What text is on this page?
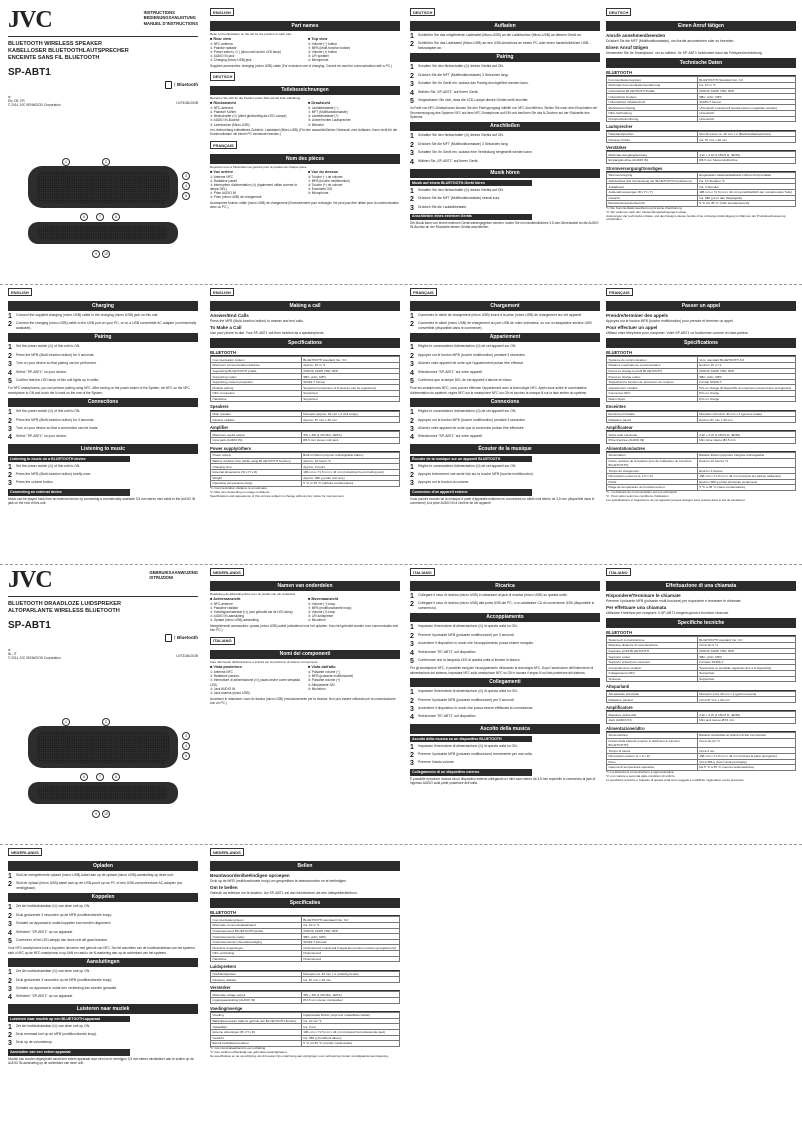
JVC	INSTRUCTIONS
BEDIENUNGSANLEITUNG
MANUEL D'INSTRUCTIONS
BLUETOOTH WIRELESS SPEAKER
KABELLOSER BLUETOOTHLAUTSPRECHER
ENCEINTE SANS FIL BLUETOOTH
SP-ABT1
ᛒ Bluetooth
♻
EN, DE, FR
© 2014 JVC KENWOOD Corporation
LNT3186-002B
1	2
3
4
5
6	7	8
9	10
ENGLISH
Part names
Refer to the illustration on the left for the position of each part.
■ Rear view
① NFC antenna
② Passive radiator
③ Power switch ( ⏻ ) (also used as the LED lamp)
④ AUDIO IN jack
⑤ Charging (micro USB) jack
■ Top view
⑥ Volume (−) button
⑦ MFB (Multi-function button)
⑧ Volume (+) button
⑨ L/R speaker
⑩ Microphone
Supplied accessories: charging (micro USB) cable (For exclusive use of charging. Cannot be used for communication with a PC.)
DEUTSCH
Teilebezeichnungen
Beziehen Sie sich für die Position jedes Teils auf die linke Abbildung.
■ Rückansicht
① NFC-Antenne
② Passiver Kühler
③ Netzschalter (⏻) (dient gleichzeitig als LED-Lampe)
④ AUDIO IN-Buchse
⑤ Ladebuchse (Micro-USB)
■ Draufsicht
⑥ Lautstärketaste (−)
⑦ MFT (Multifunktionstaste)
⑧ Lautstärketaste (+)
⑨ Linker/rechter Lautsprecher
⑩ Mikrofon
Im Lieferumfang enthaltenes Zubehör: Ladekabel (Micro-USB) (Für den ausschließlichen Gebrauch zum Aufladen. Kann nicht für die Kommunikation mit einem PC verwendet werden.)
FRANÇAIS
Nom des pièces
Reportez-vous à l'illustration de gauche pour la position de chaque pièce.
■ Vue arrière
① Antenne NFC
② Radiateur passif
③ Interrupteur d'alimentation (⏻) (également utilisé comme la lampe DEL)
④ Prise AUDIO IN
⑤ Prise (micro USB) de chargement
■ Vue du dessus
⑥ Touche (−) de volume
⑦ MFB (touche multifonction)
⑧ Touche (+) de volume
⑨ Enceintes G/D
⑩ Microphone
Accessoires fournis: câble (micro USB) de chargement (Exclusivement pour recharger. Ne peut pas être utilisé pour la communication avec un PC.)
DEUTSCH
Aufladen
1	Schließen Sie das mitgelieferte Ladekabel (Micro-USB) an die Ladebuchse (Micro-USB) an diesem Gerät an.
2	Schließen Sie das Ladekabel (Micro-USB) an den USB-Anschluss an einem PC oder einen handelsüblichen USB-Netzadapter an.
Pairing
1	Schalten Sie den Netzschalter (⏻) dieses Geräts auf ON.
2	Drücken Sie die MFT (Multifunktionstaste) 3 Sekunden lang.
3	Schalten Sie Ihr Gerät ein, sodass das Pairing durchgeführt werden kann.
4	Wählen Sie „SP-ABT1" auf Ihrem Gerät.
5	Vergewissern Sie sich, dass die LED-Lampe dieses Geräts weiß leuchtet.
Im Falle von NFC-Smartphones können Sie den Pairingvorgang mithilfe von NFC durchführen. Stellen Sie nach dem Einschalten der Stromversorgung des Systems NFC auf dem NFC-Smartphone auf EIN und berühren Sie das N-Zeichen auf der Rückseite des Systems.
Anschließen
1	Schalten Sie den Netzschalter (⏻) dieses Geräts auf ON.
2	Drücken Sie die MFT (Multifunktionstaste) 3 Sekunden lang.
3	Schalten Sie Ihr Gerät ein, sodass eine Verbindung hergestellt werden kann.
4	Wählen Sie „SP-ABT1" auf Ihrem Gerät.
Musik hören
Musik auf einem BLUETOOTH-Gerät hören
1	Schalten Sie den Netzschalter (⏻) dieses Geräts auf ON.
2	Drücken Sie die MFT (Multifunktionstaste) einmal kurz.
3	Drücken Sie die Lautstärketaste.
Anschließen eines externen Geräts
Die Musik kann von einem externen Gerät wiedergegeben werden, indem Sie ein handelsübliches 3,5-mm-Stereokabel an die AUDIO IN-Buchse an der Rückseite dieses Geräts anschließen.
DEUTSCH
Einen Anruf tätigen
Anrufe annehmen/beenden
Drücken Sie die MFT (Multifunktionstaste), um Anrufe anzunehmen oder zu beenden.
Einen Anruf tätigen
Verwenden Sie Ihr Smartphone, um zu wählen. Ihr SP-ABT1 funktioniert dann als Freisprecheinrichtung.
Technische Daten
BLUETOOTH
Kommunikationssystem	BLUETOOTH-Standard Ver. 3.0
Maximale Kommunikationsentfernung	Ca. 10 m *1
Unterstützte BLUETOOTH-Profile	AVRCP, A2DP, HSP, HFP
Unterstützte Codecs	SBC, AAC, MP3
Unterstützter Inhaltsschutz	SCMS-T format
Mehrfaches Pairing	Unterstützt (maximal 8 Geräte können registriert werden)
NFC-Verbindung	Unterstützt
Freisprecheinrichtung	Unterstützt
Lautsprecher
Hauptlautsprecher	Durchmesser ca. 40 mm x 2 (Breitbandlautsprecher)
Passiver Kühler	Ca. 87 mm x 30 mm
Verstärker
Maximale Ausgangsleistung	3 W + 3 W (1 kHz/4 Ω, JEITA)
Eingangsbuchse (AUDIO IN)	Ø3,5 mm Stereominibuchse
Stromversorgung/Sonstiges
Stromversorgung	Eingebauter wiederaufladbarer Lithium-Polymerakku
Akkulaufzeit (bei Verwendung der BLUETOOTH-Funktionen)	Ca. 10 Stunden *2
Aufladezeit	Ca. 3 Stunden
Außenabmessungen (B x H x T)	186 mm x 71,5 mm x 44 mm (einschließlich der vorstehenden Teile)
Gewicht	Ca. 386 g (nur das Hauptgerät)
Betriebstemperaturbereich	5 °C bis 35 °C (nicht kondensierend)
*1: Die Kommunikationsentfernung ist keine Zusicherung.
*2: Sie variiert je nach den Verwendungsbedingungen etwas.
Änderungen der technischen Daten und des Designs dieses Geräts ohne vorherige Ankündigung im Rahmen der Produktverbesserung vorbehalten.
ENGLISH
Charging
1	Connect the supplied charging (micro USB) cable to the charging (micro USB) jack on this unit.
2	Connect the charging (micro USB) cable to the USB port on your PC, or on a USB convertible AC adapter (commercially available).
Pairing
1	Set the power switch (⏻) of this unit to ON.
2	Press the MFB (Multi-function button) for 3 seconds.
3	Turn on your device so that pairing can be performed.
4	Select "SP-ABT1" on your device.
5	Confirm that the LED lamp of this unit lights up in white.
For NFC smartphones, you can perform pairing using NFC. After turning on the power switch of the System, set NFC on the NFC smartphone to ON and touch the N mark on the rear of the System.
Connections
1	Set the power switch (⏻) of this unit to ON.
2	Press the MFB (Multi-function button) for 3 seconds.
3	Turn on your device so that a connection can be made.
4	Select "SP-ABT1" on your device.
Listening to music
Listening to music on a BLUETOOTH device
1	Set the power switch (⏻) of this unit to ON.
2	Press the MFB (Multi-function button) briefly once.
3	Press the volume button.
Connecting an external device
Music can be played back from an external device by connecting a commercially available 3.5 mm stereo mini cable to the AUDIO IN jack on the rear of this unit.
ENGLISH
Making a call
Answer/End Calls
Press the MFB (Multi-function button) to answer and end calls.
To Make a Call
Use your phone to dial. Your SP-ABT1 will then function as a speakerphone.
Specifications
BLUETOOTH
Communication system	BLUETOOTH standard Ver. 3.0
Maximum communication distance	Approx. 10 m *1
Supporting BLUETOOTH profile	AVRCP, A2DP, HSP, HFP
Supporting codec	SBC, AAC, MP3
Supporting content protection	SCMS-T format
Multiple pairing	Supported (maximum of 8 devices can be registered)
NFC connection	Supported
Handsfree	Supported
Speakers
Main speaker	Diameter approx. 40 mm x 2 (full range)
Passive radiator	Approx. 87 mm x 30 mm
Amplifier
Maximum useful output	3W + 3W (1 kHz/4Ω, JEITA)
Input jack (AUDIO IN)	Ø3.5 mm stereo mini jack
Power supply/others
Power supply	Built-in lithium polymer rechargeable battery
Battery duration time (while using BLUETOOTH function)	Approx. 10 hours *2
Charging time	Approx. 3 hours
External dimensions (W x H x D)	186 mm x 71.5 mm x 44 mm (including the protruding part)
Weight	Approx. 386 g (main unit only)
Operating temperature range	5 °C to 35 °C (without condensation)
*1: Communication distance is an estimate.
*2: May vary depending on usage conditions.
Specifications and appearance of this unit are subject to change without prior notice for improvement.
FRANÇAIS
Chargement
1	Connectez le câble de chargement (micro USB) fourni à la prise (micro USB) de chargement sur cet appareil.
2	Connectez le câble (micro USB) de chargement au port USB de votre ordinateur, ou sur un adaptateur secteur USB convertible (disponible dans le commerce).
Appariement
1	Réglez le commutateur d'alimentation (⏻) de cet appareil sur ON.
2	Appuyez sur le bouton MFB (touche multifonction) pendant 3 secondes.
3	Allumez votre appareil de sorte que l'appariement puisse être effectué.
4	Sélectionnez "SP-ABT1" sur votre appareil.
5	Confirmez que la lampe DEL de cet appareil s'allume en blanc.
Pour les smartphones NFC, vous pouvez effectuer l'appariement avec la technologie NFC. Après avoir activé le commutateur d'alimentation du système, réglez NFC sur le smartphone NFC sur ON et touchez la marque N sur la face arrière du système.
Connexions
1	Réglez le commutateur d'alimentation (⏻) de cet appareil sur ON.
2	Appuyez sur le bouton MFB (touche multifonction) pendant 3 secondes.
3	Allumez votre appareil de sorte que la connexion puisse être effectuée.
4	Sélectionnez "SP-ABT1" sur votre appareil.
Écouter de la musique
Écouter de la musique sur un appareil BLUETOOTH
1	Réglez le commutateur d'alimentation (⏻) de cet appareil sur ON.
2	Appuyez brièvement une seule fois sur la touche MFB (touche multifonction).
3	Appuyez sur le bouton du volume.
Connexion d'un appareil externe
Vous pouvez écouter de la musique à partir d'appareils externes en connectant un câble mini stéréo de 3,5 mm (disponible dans le commerce) à la prise AUDIO IN à l'arrière de cet appareil.
FRANÇAIS
Passer un appel
Prendre/terminer des appels
Appuyez sur le bouton MFB (touche multifonction) pour prendre et terminer un appel.
Pour effectuer un appel
Utilisez votre téléphone pour composer. Votre SP-ABT1 va fonctionner comme un haut-parleur.
Spécifications
BLUETOOTH
Système de communication	Vers. standard BLUETOOTH 3.0
Distance maximale de communication	Environ 10 m *1
Prend en charge le profil BLUETOOTH	AVRCP, A2DP, HSP, HFP
Prend en charge codec	SBC, AAC, MP3
Supportant la fonction de protection du contenu	Format SCMS-T
Appariement multiple	Pris en charge (8 dispositifs au maximum peuvent être enregistrés)
Connexion NFC	Pris en charge
Mains libres	Pris en charge
Enceintes
Enceinte principale	Diamètre d'environ 40 mm x 2 (gamme totale)
Radiateur passif	Environ 87 mm x 30 mm
Amplificateur
Sortie utile maximale	3 W + 3 W (1 kHz/4 Ω, JEITA)
Prise d'entrée (AUDIO IN)	Mini prise stéréo Ø3,5 mm
Alimentation/autres
Alimentation	Batterie lithium polymère intégrée rechargeable
Durée restante de la batterie (lors de l'utilisation de fonctions BLUETOOTH)	Environ 10 heures *2
Temps de chargement	Environ 3 heures
Dimensions externes (L x H x P)	186 mm x 71,5 mm x 44 mm (compris les parties saillantes)
Poids	Environ 386 g (unité principale seulement)
Plage de température de fonctionnement	5 °C à 35 °C (sans condensation)
*1 : La distance de communication est une estimation.
*2 : Peut varier selon les conditions d'utilisation.
Les spécifications et l'apparence de cet appareil peuvent changer sans préavis dans le but de l'améliorer.
JVC	GEBRUIKSAANWIJZING
ISTRUZIONI
BLUETOOTH DRAADLOZE LUIDSPREKER
ALTOPARLANTE WIRELESS BLUETOOTH
SP-ABT1
ᛒ Bluetooth
♻
NL, IT
© 2014 JVC KENWOOD Corporation
LNT3186-002B
1	2
3
4
5
6	7	8
9	10
NEDERLANDS
Namen van onderdelen
Raadpleeg de afbeelding links voor de positie van elk onderdeel.
■ Achteraanzicht
① NFC-antenne
② Passieve radiator
③ Voedingsschakelaar (⏻) (ook gebruikt als de LED-lamp)
④ AUDIO IN-aansluiting
⑤ Oplaad (micro USB)-aansluiting
■ Bovenaanzicht
⑥ Volume (−)-knop
⑦ MFB (multifunctionele knop)
⑧ Volume (+)-knop
⑨ L/R-luidspreker
⑩ Microfoon
Meegeleverde accessoires: oplaad (micro USB)-kabel (uitsluitend voor het opladen. Kan niet gebruikt worden voor communicatie met een PC.)
ITALIANO
Nomi dei componenti
Fare riferimento all'illustrazione a sinistra per la posizione di ciascun componente.
■ Vista posteriore
① Antenna NFC
② Radiatore passivo
③ Interruttore di alimentazione (⏻) (usato anche come lampada LED)
④ Jack AUDIO IN
⑤ Jack ricarica (micro USB)
■ Vista dall'alto
⑥ Pulsante volume (−)
⑦ MFB (pulsante multifunzione)
⑧ Pulsante volume (+)
⑨ Altoparlante S/D
⑩ Microfono
Accessori in dotazione: cavo di ricarica (micro USB) (esclusivamente per la ricarica. Non può essere utilizzato per la comunicazione con un PC.)
ITALIANO
Ricarica
1	Collegare il cavo di ricarica (micro USB) in dotazione al jack di ricarica (micro USB) su questa unità.
2	Collegare il cavo di ricarica (micro USB) alla porta USB del PC, o un adattatore CA di conversione USB (disponibile in commercio).
Accoppiamento
1	Impostare l'interruttore di alimentazione (⏻) di questa unità su ON.
2	Premere il pulsante MFB (pulsante multifunzione) per 3 secondi.
3	Accendere il dispositivo in modo che l'accoppiamento possa essere eseguito.
4	Selezionare "SP-ABT1" sul dispositivo.
5	Confermare che la lampada LED di questa unità si illumini in bianco.
Per gli smartphone NFC, è possibile eseguire l'accoppiamento utilizzando la tecnologia NFC. Dopo l'accensione dell'interruttore di alimentazione del sistema, impostare NFC sullo smartphone NFC su ON e toccare il segno N sul lato posteriore del sistema.
Collegamenti
1	Impostare l'interruttore di alimentazione (⏻) di questa unità su ON.
2	Premere il pulsante MFB (pulsante multifunzione) per 3 secondi.
3	Accendere il dispositivo in modo che possa essere effettuata la connessione.
4	Selezionare "SP-ABT1" sul dispositivo.
Ascolto della musica
Ascolto della musica su un dispositivo BLUETOOTH
1	Impostare l'interruttore di alimentazione (⏻) di questa unità su ON.
2	Premere il pulsante MFB (pulsante multifunzione) brevemente per una volta.
3	Premere il tasto volume.
Collegamento di un dispositivo esterno
È possibile riprodurre musica da un dispositivo esterno collegando un mini cavo stereo da 3,5 mm reperibile in commercio al jack di ingresso AUDIO sulla parte posteriore dell'unità.
ITALIANO
Effettuazione di una chiamata
Rispondere/Terminare le chiamate
Premere il pulsante MFB (pulsante multi-funzione) per rispondere e terminare le chiamate.
Per effettuare una chiamata
Utilizzare il telefono per comporre. Il SP-ABT1 fungerà quindi a funzione vivavoce.
Specifiche tecniche
BLUETOOTH
Sistema di comunicazione	BLUETOOTH standard Ver. 3.0
Massima distanza di comunicazione	Circa 10 m *1
Supporto profili BLUETOOTH	AVRCP, A2DP, HSP, HFP
Supporto codec	SBC, AAC, MP3
Supporto protezione contenuti	Formato SCMS-T
Accoppiamento multiplo	Supportato (è possibile registrare fino a 8 dispositivi)
Collegamento NFC	Supportato
Vivavoce	Supportato
Altoparlanti
Altoparlante principale	Diametro circa 40 mm x 2 (gamma piena)
Radiatore passivo	Circa 87 mm x 30 mm
Amplificatore
Massima uscita utile	3 W + 3 W (1 kHz/4 Ω, JEITA)
Jack (AUDIO IN)	Mini jack stereo Ø3,5 mm
Alimentazione/altro
Alimentazione	Batteria ricaricabile ai polimeri di litio incorporata
Durata della batteria (mentre si utilizzano le funzioni BLUETOOTH)	Circa 10 ore *2
Tempo di carica	Circa 3 ore
Dimensioni esterne (L x A x P)	186 mm x 71,5 mm x 44 mm (inclusa la parte sporgente)
Peso	Circa 386 g (solo l'unità principale)
Gamma di temperatura operativa	Da 5 °C a 35 °C (senza condensazione)
*1: La distanza di comunicazione è approssimativa.
*2: può variare a seconda delle condizioni di utilizzo.
Le specifiche tecniche e l'aspetto di questa unità sono soggetti a modifiche migliorative senza preavviso.
NEDERLANDS
Opladen
1	Sluit de meegeleverde oplaad (micro USB)-kabel aan op de oplaad (micro USB)-aansluiting op deze unit.
2	Sluit de oplaad (micro USB)-kabel aan op de USB-poort op uw PC of een USB-converteerbare AC-adapter (los verkrijgbaar).
Koppelen
1	Zet de hoofdschakelaar (⏻) van deze unit op ON.
2	Druk gedurende 3 seconden op de MFB (multifunctionele knop).
3	Schakel uw apparaat in zodat koppelen kan worden uitgevoerd.
4	Selecteer "SP-ABT1" op uw apparaat.
5	Controleer of het LED-lampje van deze unit wit gaat branden.
Voor NFC-smartphones kunt u koppelen uitvoeren met gebruik van NFC. Na het aanzetten van de hoofdschakelaar van het systeem, stelt u NFC op de NFC-smartphone in op AAN en raakt u de N-markering aan op de achterkant van het systeem.
Aansluitingen
1	Zet de hoofdschakelaar (⏻) van deze unit op ON.
2	Druk gedurende 3 seconden op de MFB (multifunctionele knop).
3	Schakel uw apparaat in zodat een verbinding kan worden gemaakt.
4	Selecteer "SP-ABT1" op uw apparaat.
Luisteren naar muziek
Luisteren naar muziek op een BLUETOOTH-apparaat
1	Zet de hoofdschakelaar (⏻) van deze unit op ON.
2	Druk eenmaal kort op de MFB (multifunctionele knop).
3	Druk op de volumeknop.
Aansluiten van een extern apparaat
Muziek kan worden afgespeeld vanaf een extern apparaat door een los te verkrijgen 3,5 mm stereo ministekker aan te sluiten op de AUDIO IN-aansluiting op de achterkant van deze unit.
NEDERLANDS
Bellen
Beantwoorden/beëindigen oproepen
Druk op de MFB (multifunctionele knop) om gesprekken te beantwoorden en te beëindigen.
Om te bellen
Gebruik uw telefoon om te draaien. Uw SP-ABT1 zal dan functioneren als een luidsprekertelefoon.
Specificaties
BLUETOOTH
Communicatiesysteem	BLUETOOTH-standaard Ver. 3.0
Maximale communicatieafstand	Ca. 10 m *1
Ondersteunend BLUETOOTH-profiel	AVRCP, A2DP, HSP, HFP
Ondersteunende codec	SBC, AAC, MP3
Ondersteunende inhoudsbeveiliging	SCMS-T-formaat
Meerdere koppelingen	Ondersteund (maximaal 8 apparaten kunnen worden geregistreerd)
NFC-verbinding	Ondersteund
Handsfree	Ondersteund
Luidsprekers
Hoofdluidspreker	Diameter ca. 40 mm x 2 (volledig bereik)
Passieve radiator	Ca. 87 mm x 30 mm
Versterker
Maximale nuttige output	3W + 3W (1 kHz/4Ω, JEITA)
Ingangsaansluiting (AUDIO IN)	Ø 3,5 mm stereo ministekker
Voeding/overige
Voeding	Ingebouwde lithium polymeer oplaadbare batterij
Batterijlevensduur (tijdens gebruik van BLUETOOTH-functie)	Ca. 10 uur *2
Oplaadtijd	Ca. 3 uur
Externe afmetingen (B x H x D)	186 mm x 71,5 mm x 44 mm (inclusief het uitstekende deel)
Gewicht	Ca. 386 g (hoofdunit alleen)
Bereik bedrijfstemperatuur	5 °C tot 35 °C (zonder condensatie)
*1: Communicatieafstand is een schatting.
*2: Kan variëren afhankelijk van gebruiksomstandigheden.
De specificaties en de verschijning van dit toestel zijn onderhevig aan wijzigingen voor verbetering zonder voorafgaande kennisgeving.
